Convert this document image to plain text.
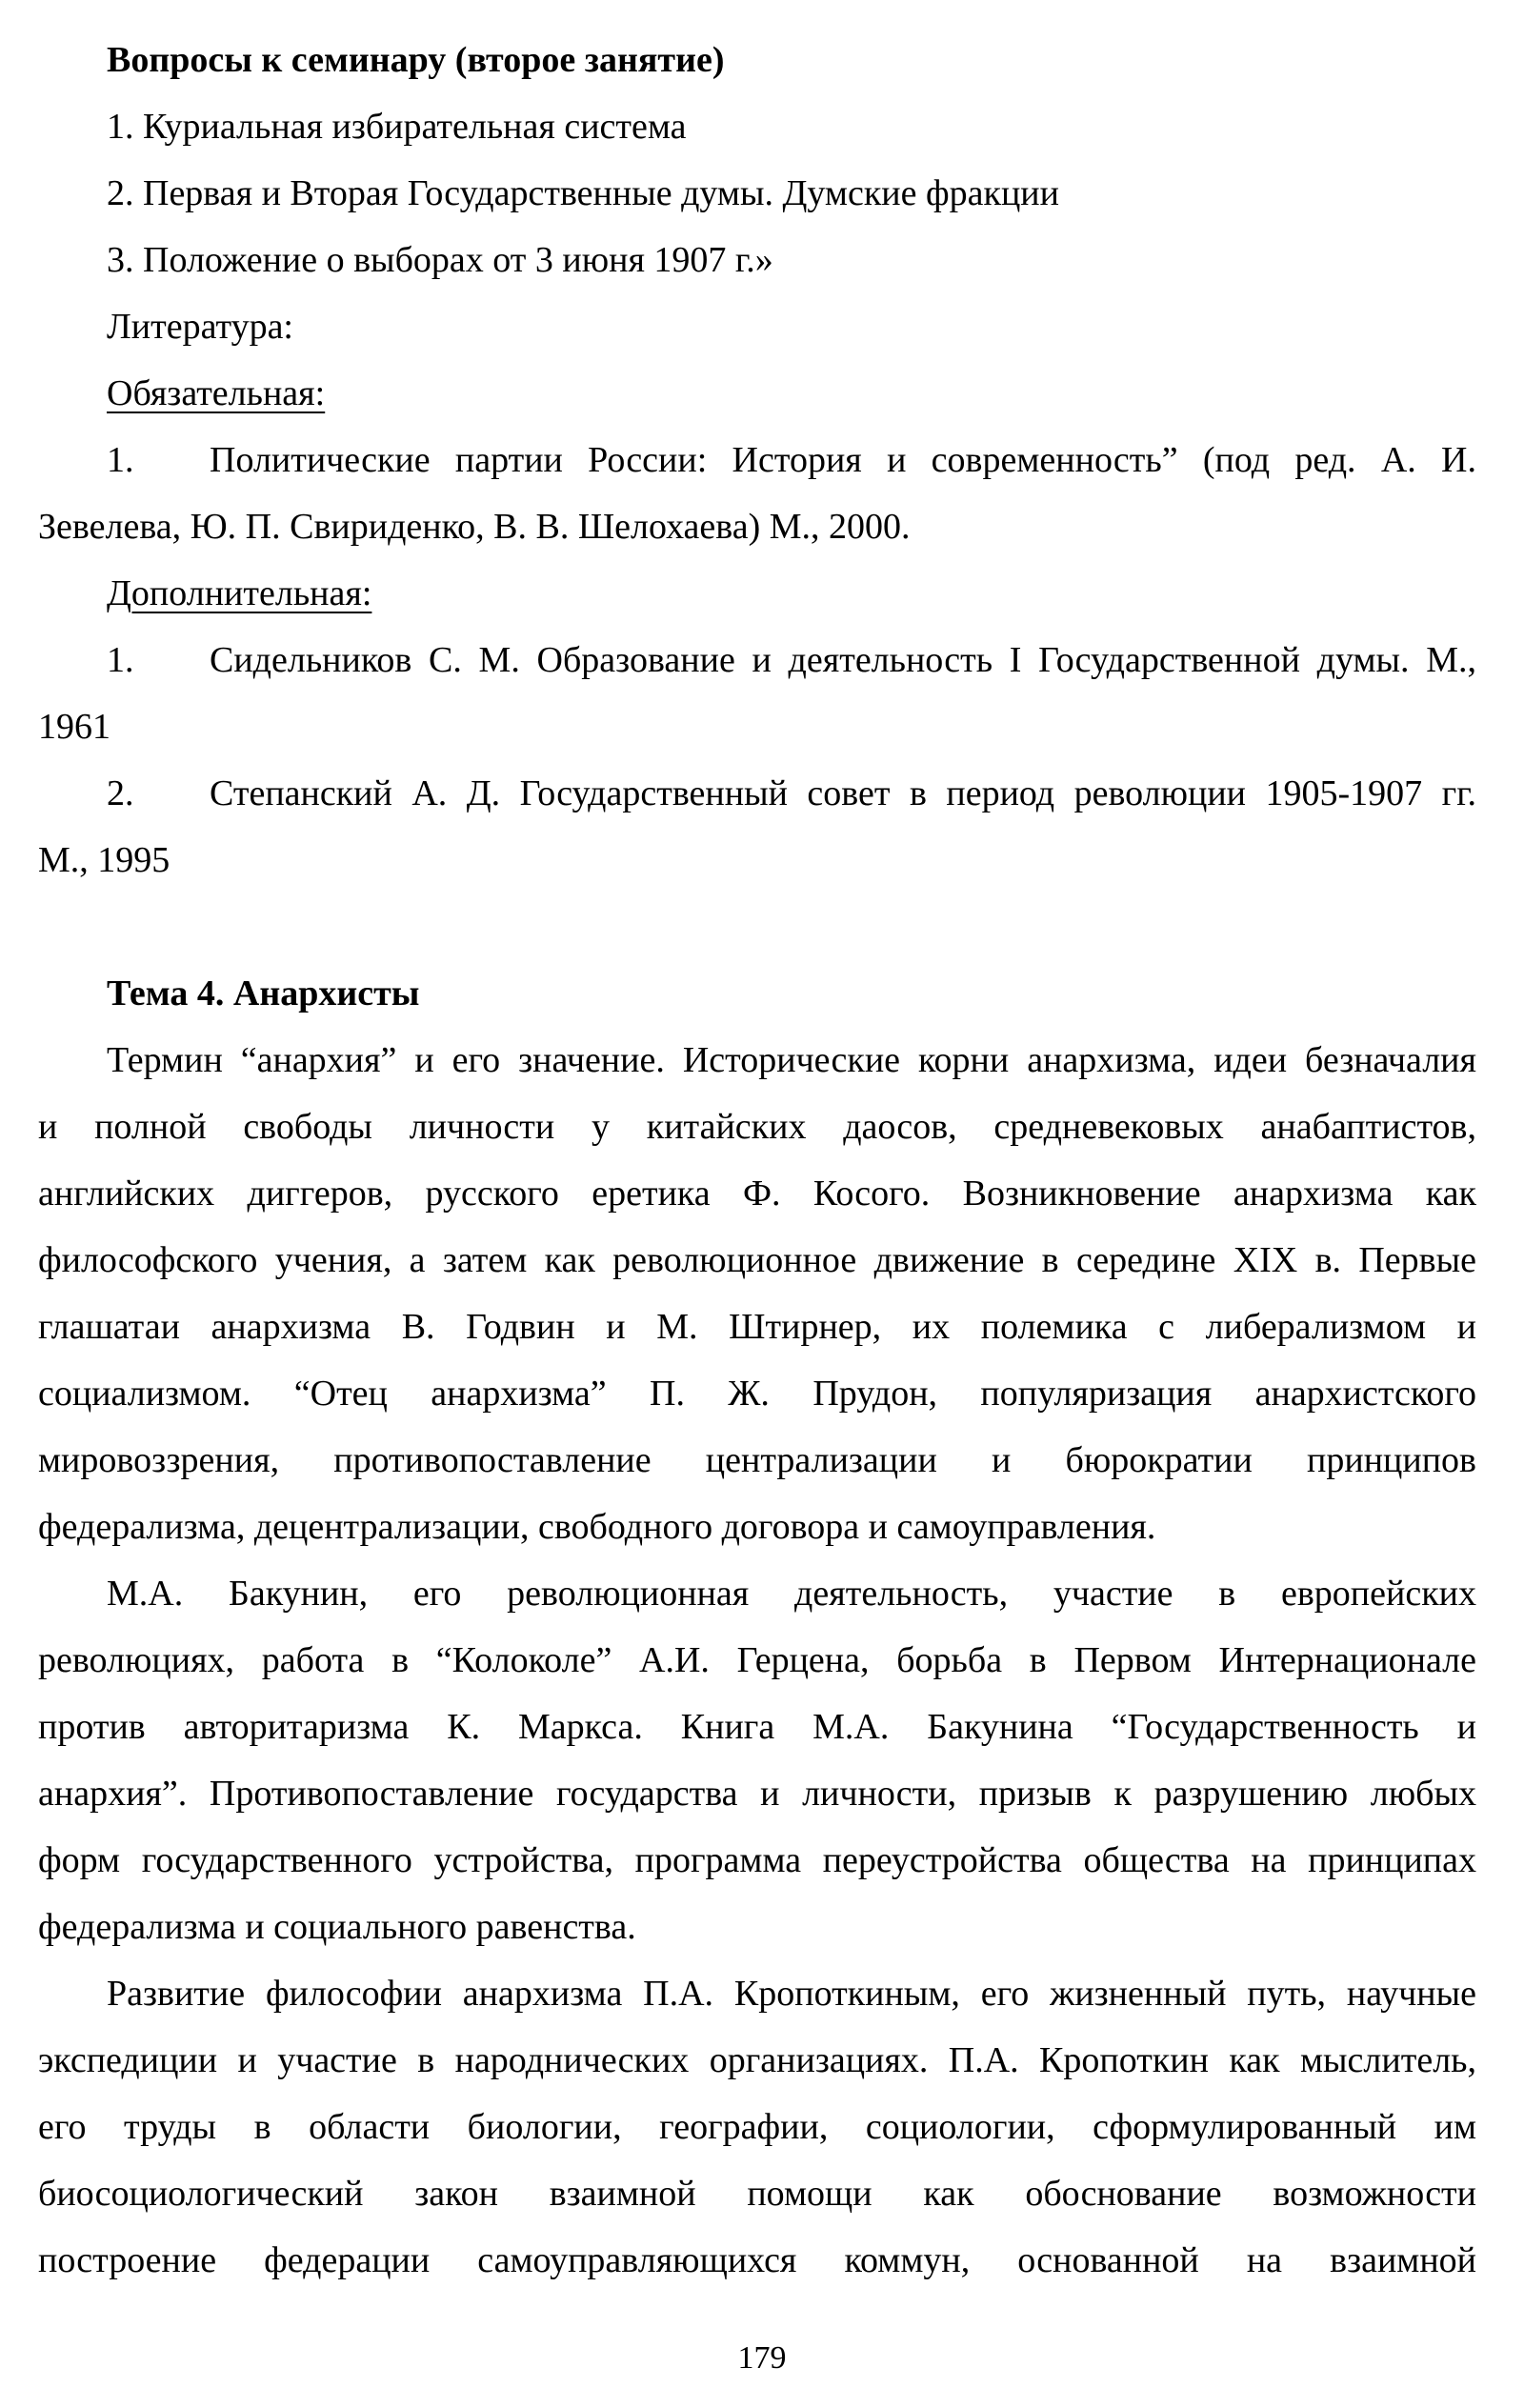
Вопросы к семинару (второе занятие)
1. Куриальная избирательная система
2. Первая и Вторая Государственные думы. Думские фракции
3. Положение о выборах от 3 июня 1907 г.»
Литература:
Обязательная:
1. Политические партии России: История и современность” (под ред. А. И.
Зевелева, Ю. П. Свириденко, В. В. Шелохаева) М., 2000.
Дополнительная:
1. Сидельников С. М. Образование и деятельность I Государственной думы. М.,
1961
2. Степанский А. Д. Государственный совет в период революции 1905-1907 гг.
М., 1995
Тема 4. Анархисты
Термин “анархия” и его значение. Исторические корни анархизма, идеи безначалия
и полной свободы личности у китайских даосов, средневековых анабаптистов,
английских диггеров, русского еретика Ф. Косого. Возникновение анархизма как
философского учения, а затем как революционное движение в середине XIX в. Первые
глашатаи анархизма В. Годвин и М. Штирнер, их полемика с либерализмом и
социализмом. “Отец анархизма” П. Ж. Прудон, популяризация анархистского
мировоззрения, противопоставление централизации и бюрократии принципов
федерализма, децентрализации, свободного договора и самоуправления.
М.А. Бакунин, его революционная деятельность, участие в европейских
революциях, работа в “Колоколе” А.И. Герцена, борьба в Первом Интернационале
против авторитаризма К. Маркса. Книга М.А. Бакунина “Государственность и
анархия”. Противопоставление государства и личности, призыв к разрушению любых
форм государственного устройства, программа переустройства общества на принципах
федерализма и социального равенства.
Развитие философии анархизма П.А. Кропоткиным, его жизненный путь, научные
экспедиции и участие в народнических организациях. П.А. Кропоткин как мыслитель,
его труды в области биологии, географии, социологии, сформулированный им
биосоциологический закон взаимной помощи как обоснование возможности
построение федерации самоуправляющихся коммун, основанной на взаимной
179
